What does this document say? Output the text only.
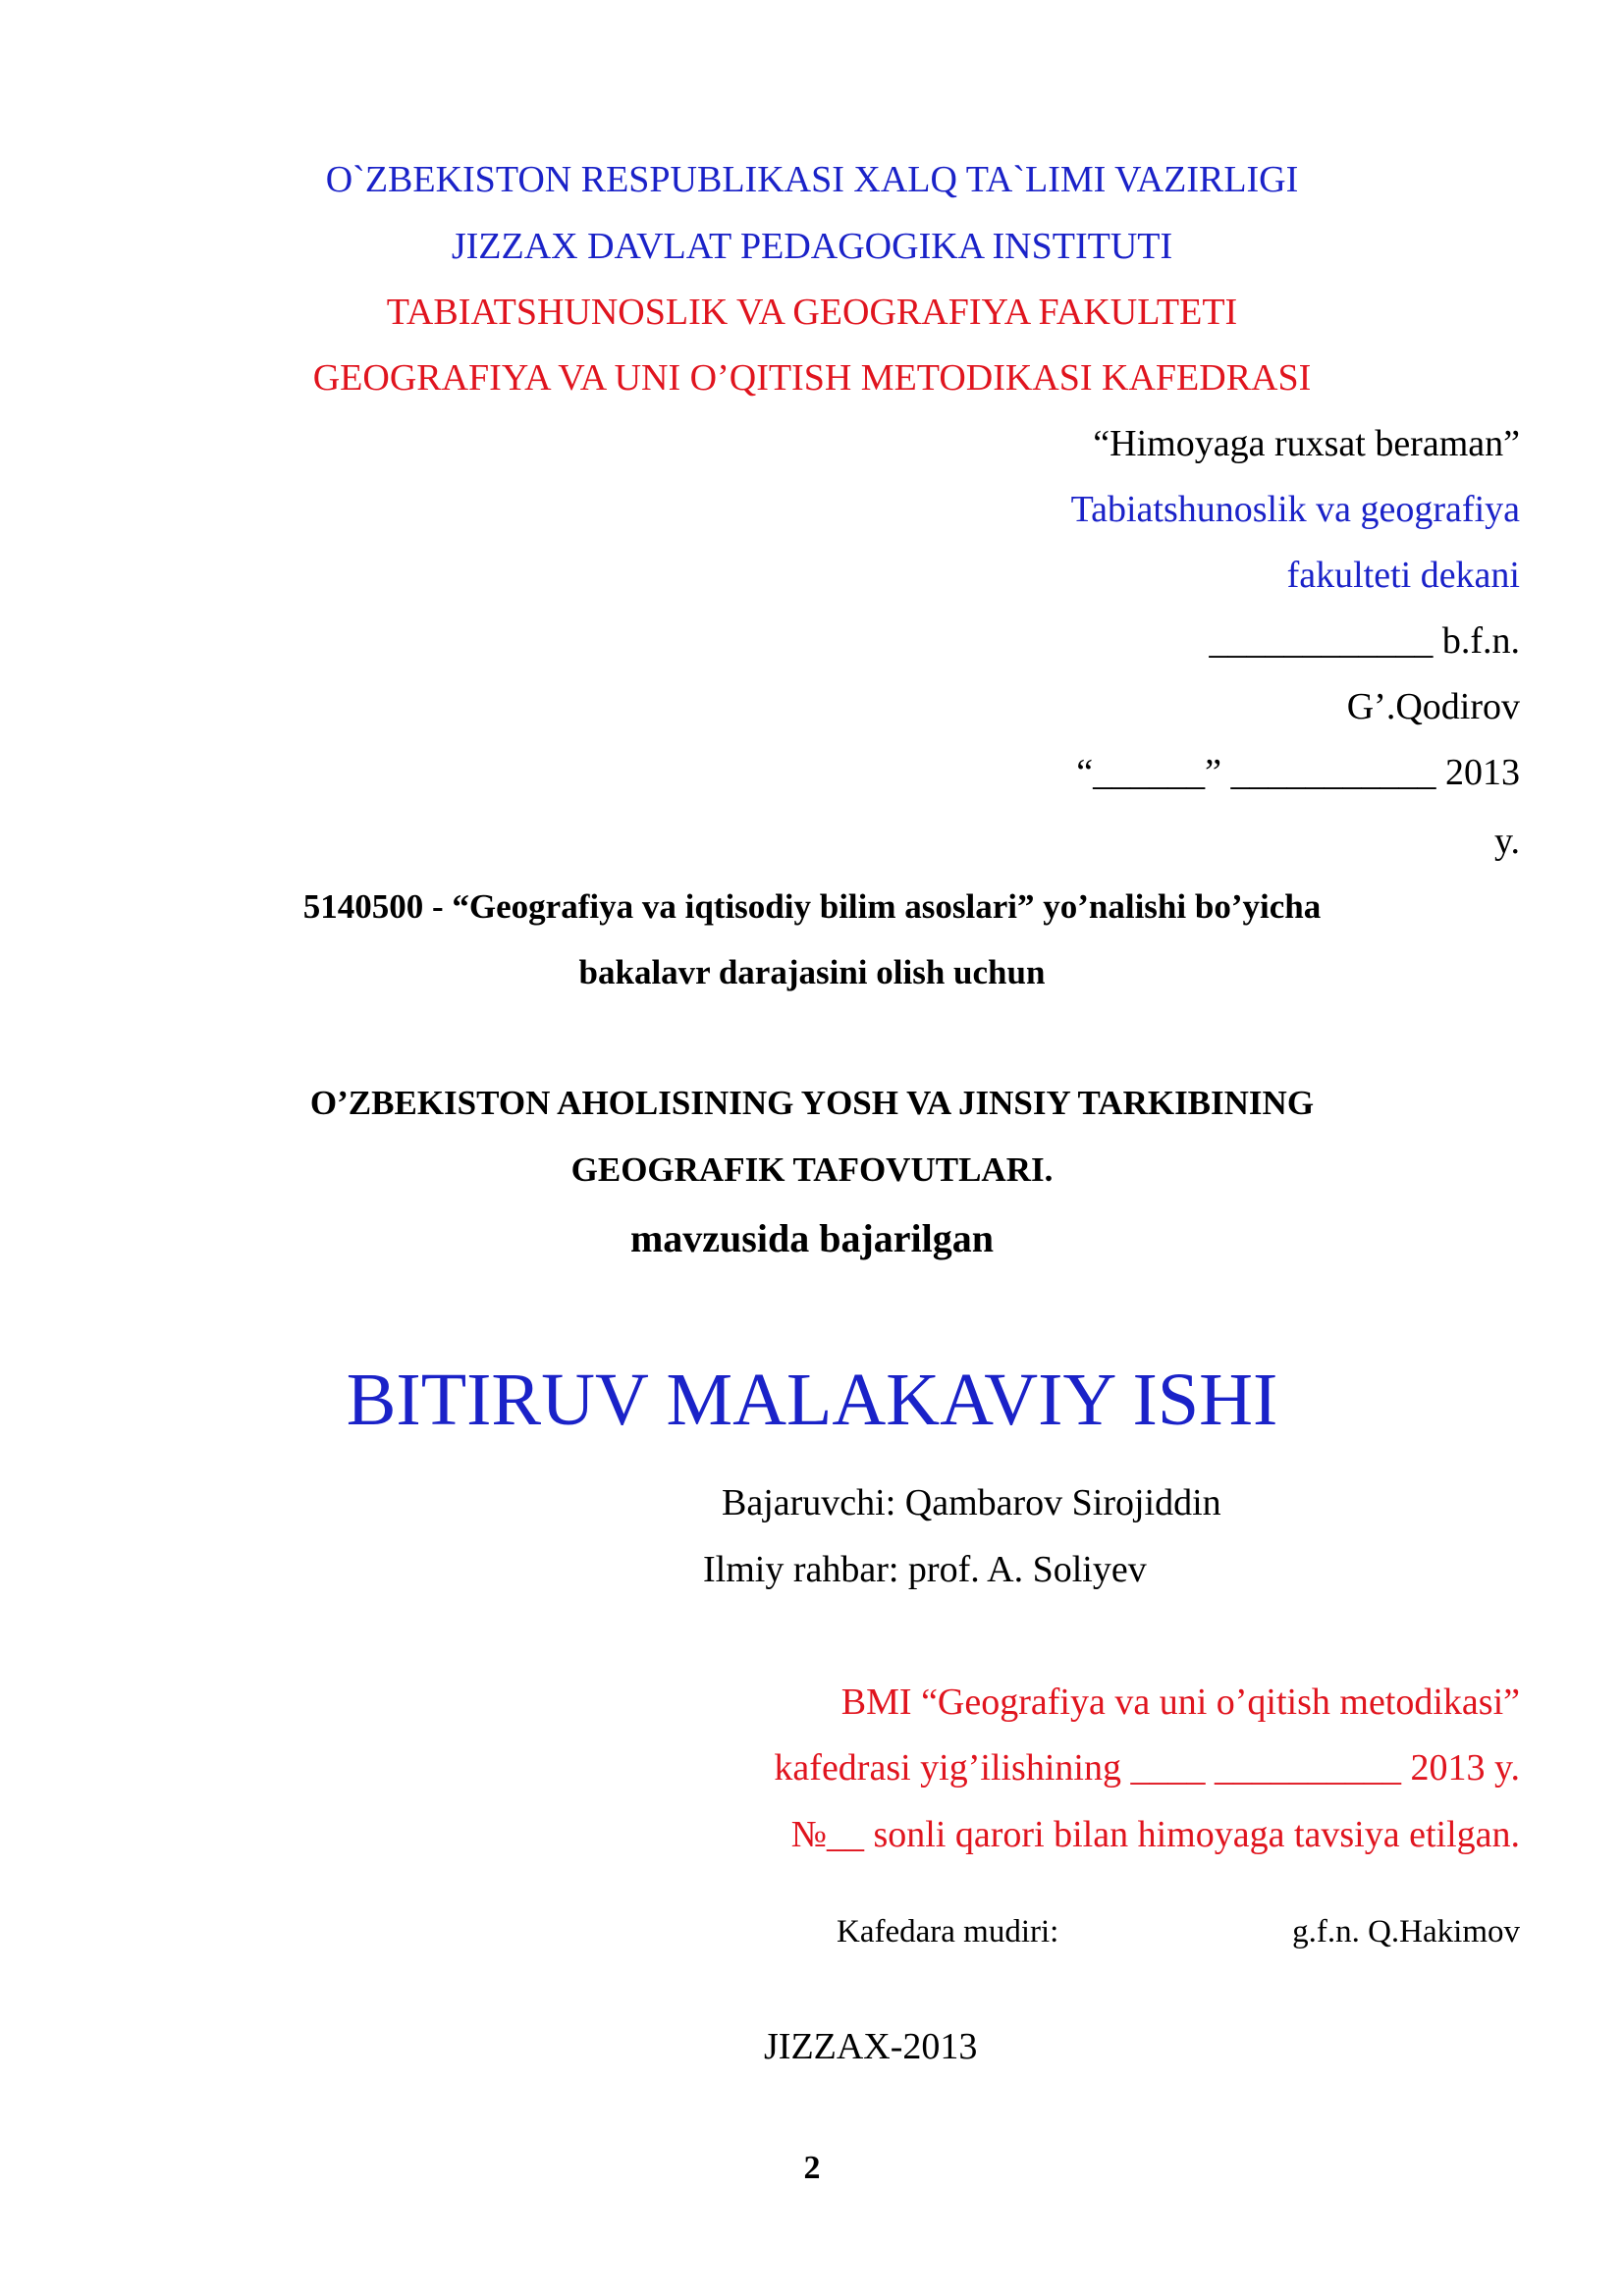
O`ZBEKISTON RESPUBLIKASI XALQ TA`LIMI VAZIRLIGI
JIZZAX DAVLAT PEDAGOGIKA INSTITUTI
TABIATSHUNOSLIK VA GEOGRAFIYA FAKULTETI
GEOGRAFIYA VA UNI O’QITISH METODIKASI KAFEDRASI
“Himoyaga ruxsat beraman”
Tabiatshunoslik va geografiya
fakulteti dekani
____________ b.f.n.
G’.Qodirov
“______” ___________ 2013
y.
5140500 - “Geografiya va iqtisodiy bilim asoslari” yo’nalishi bo’yicha
bakalavr darajasini olish uchun
O’ZBEKISTON AHOLISINING YOSH VA JINSIY TARKIBINING
GEOGRAFIK TAFOVUTLARI.
mavzusida bajarilgan
BITIRUV MALAKAVIY ISHI
Bajaruvchi: Qambarov Sirojiddin
Ilmiy rahbar: prof. A. Soliyev
BMI “Geografiya va uni o’qitish metodikasi”
kafedrasi yig’ilishining ____ __________ 2013 y.
№__ sonli qarori bilan himoyaga tavsiya etilgan.
Kafedara mudiri:	g.f.n. Q.Hakimov
JIZZAX-2013
2
